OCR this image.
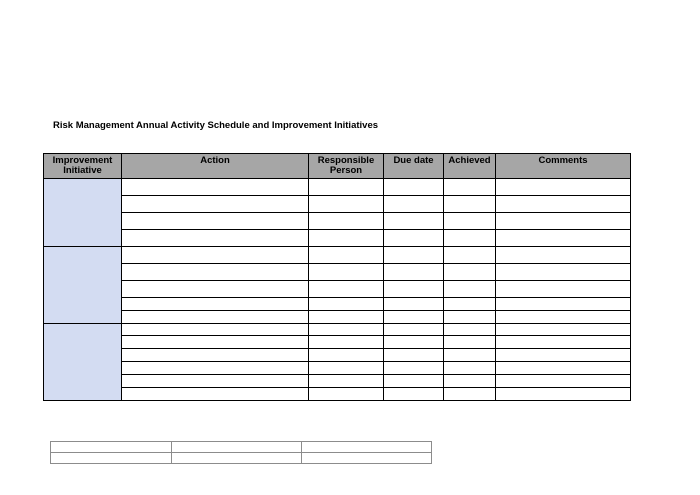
Risk Management Annual Activity Schedule and Improvement Initiatives
Improvement Initiative	Action	Responsible Person	Due date	Achieved	Comments
